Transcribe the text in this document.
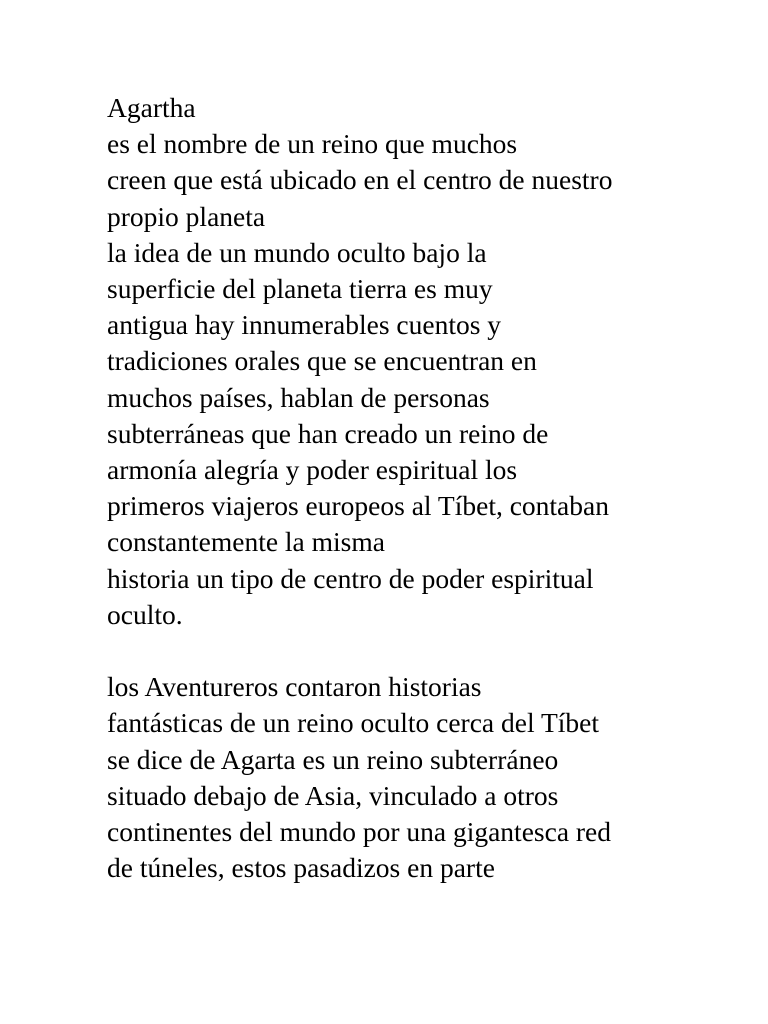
Agartha
es el nombre de un reino que muchos
creen que está ubicado en el centro de nuestro
propio planeta
la idea de un mundo oculto bajo la
superficie del planeta tierra es muy
antigua hay innumerables cuentos y
tradiciones orales que se encuentran en
muchos países, hablan de personas
subterráneas que han creado un reino de
armonía alegría y poder espiritual los
primeros viajeros europeos al Tíbet, contaban
constantemente la misma
historia un tipo de centro de poder espiritual
oculto.
los Aventureros contaron historias
fantásticas de un reino oculto cerca del Tíbet
se dice de Agarta es un reino subterráneo
situado debajo de Asia, vinculado a otros
continentes del mundo por una gigantesca red
de túneles, estos pasadizos en parte
